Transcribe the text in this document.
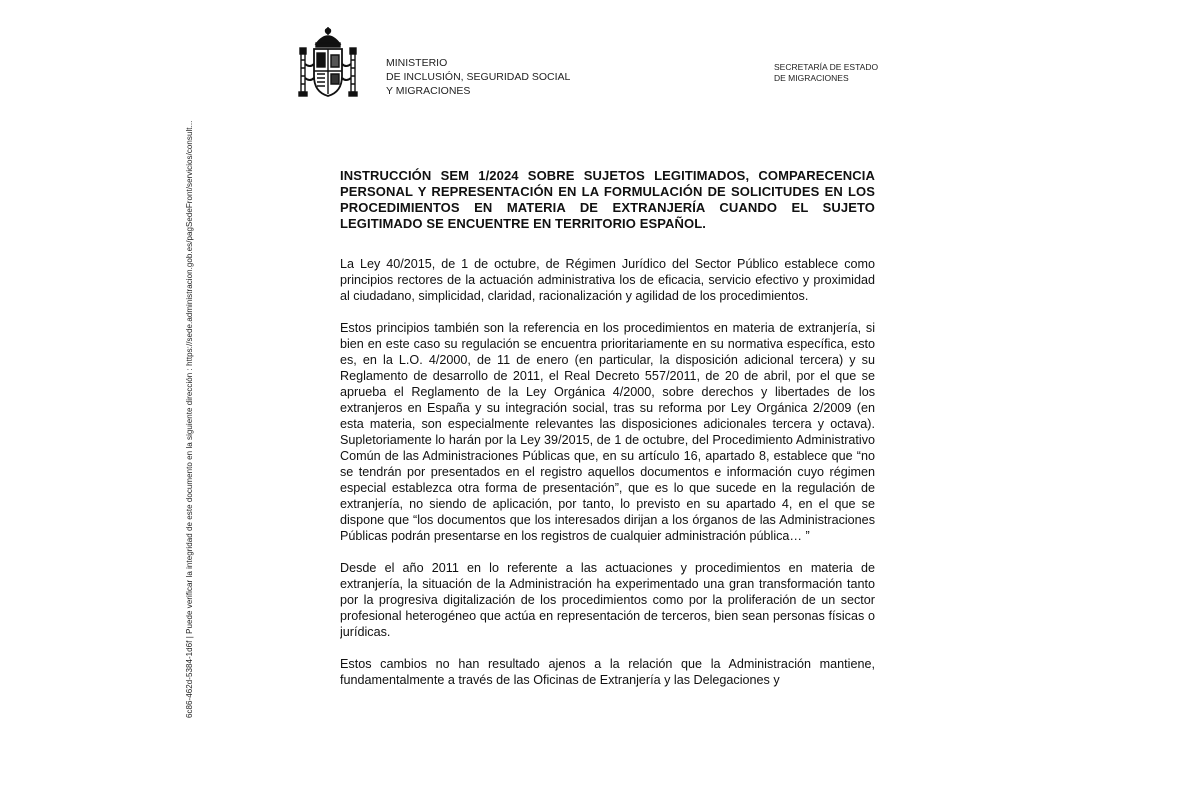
6c86-462d-5384-1d6f | Puede verificar la integridad de este documento en la siguiente dirección : https://sede.administracion.gob.es/pagSedeFront/servicios/consult...
MINISTERIO
DE INCLUSIÓN, SEGURIDAD SOCIAL
Y MIGRACIONES
SECRETARÍA DE ESTADO
DE MIGRACIONES

INSTRUCCIÓN SEM 1/2024 SOBRE SUJETOS LEGITIMADOS, COMPARECENCIA PERSONAL Y REPRESENTACIÓN EN LA FORMULACIÓN DE SOLICITUDES EN LOS PROCEDIMIENTOS EN MATERIA DE EXTRANJERÍA CUANDO EL SUJETO LEGITIMADO SE ENCUENTRE EN TERRITORIO ESPAÑOL.

La Ley 40/2015, de 1 de octubre, de Régimen Jurídico del Sector Público establece como principios rectores de la actuación administrativa los de eficacia, servicio efectivo y proximidad al ciudadano, simplicidad, claridad, racionalización y agilidad de los procedimientos.

Estos principios también son la referencia en los procedimientos en materia de extranjería, si bien en este caso su regulación se encuentra prioritariamente en su normativa específica, esto es, en la L.O. 4/2000, de 11 de enero (en particular, la disposición adicional tercera) y su Reglamento de desarrollo de 2011, el Real Decreto 557/2011, de 20 de abril, por el que se aprueba el Reglamento de la Ley Orgánica 4/2000, sobre derechos y libertades de los extranjeros en España y su integración social, tras su reforma por Ley Orgánica 2/2009 (en esta materia, son especialmente relevantes las disposiciones adicionales tercera y octava). Supletoriamente lo harán por la Ley 39/2015, de 1 de octubre, del Procedimiento Administrativo Común de las Administraciones Públicas que, en su artículo 16, apartado 8, establece que “no se tendrán por presentados en el registro aquellos documentos e información cuyo régimen especial establezca otra forma de presentación”, que es lo que sucede en la regulación de extranjería, no siendo de aplicación, por tanto, lo previsto en su apartado 4, en el que se dispone que “los documentos que los interesados dirijan a los órganos de las Administraciones Públicas podrán presentarse en los registros de cualquier administración pública… ”

Desde el año 2011 en lo referente a las actuaciones y procedimientos en materia de extranjería, la situación de la Administración ha experimentado una gran transformación tanto por la progresiva digitalización de los procedimientos como por la proliferación de un sector profesional heterogéneo que actúa en representación de terceros, bien sean personas físicas o jurídicas.

Estos cambios no han resultado ajenos a la relación que la Administración mantiene, fundamentalmente a través de las Oficinas de Extranjería y las Delegaciones y
